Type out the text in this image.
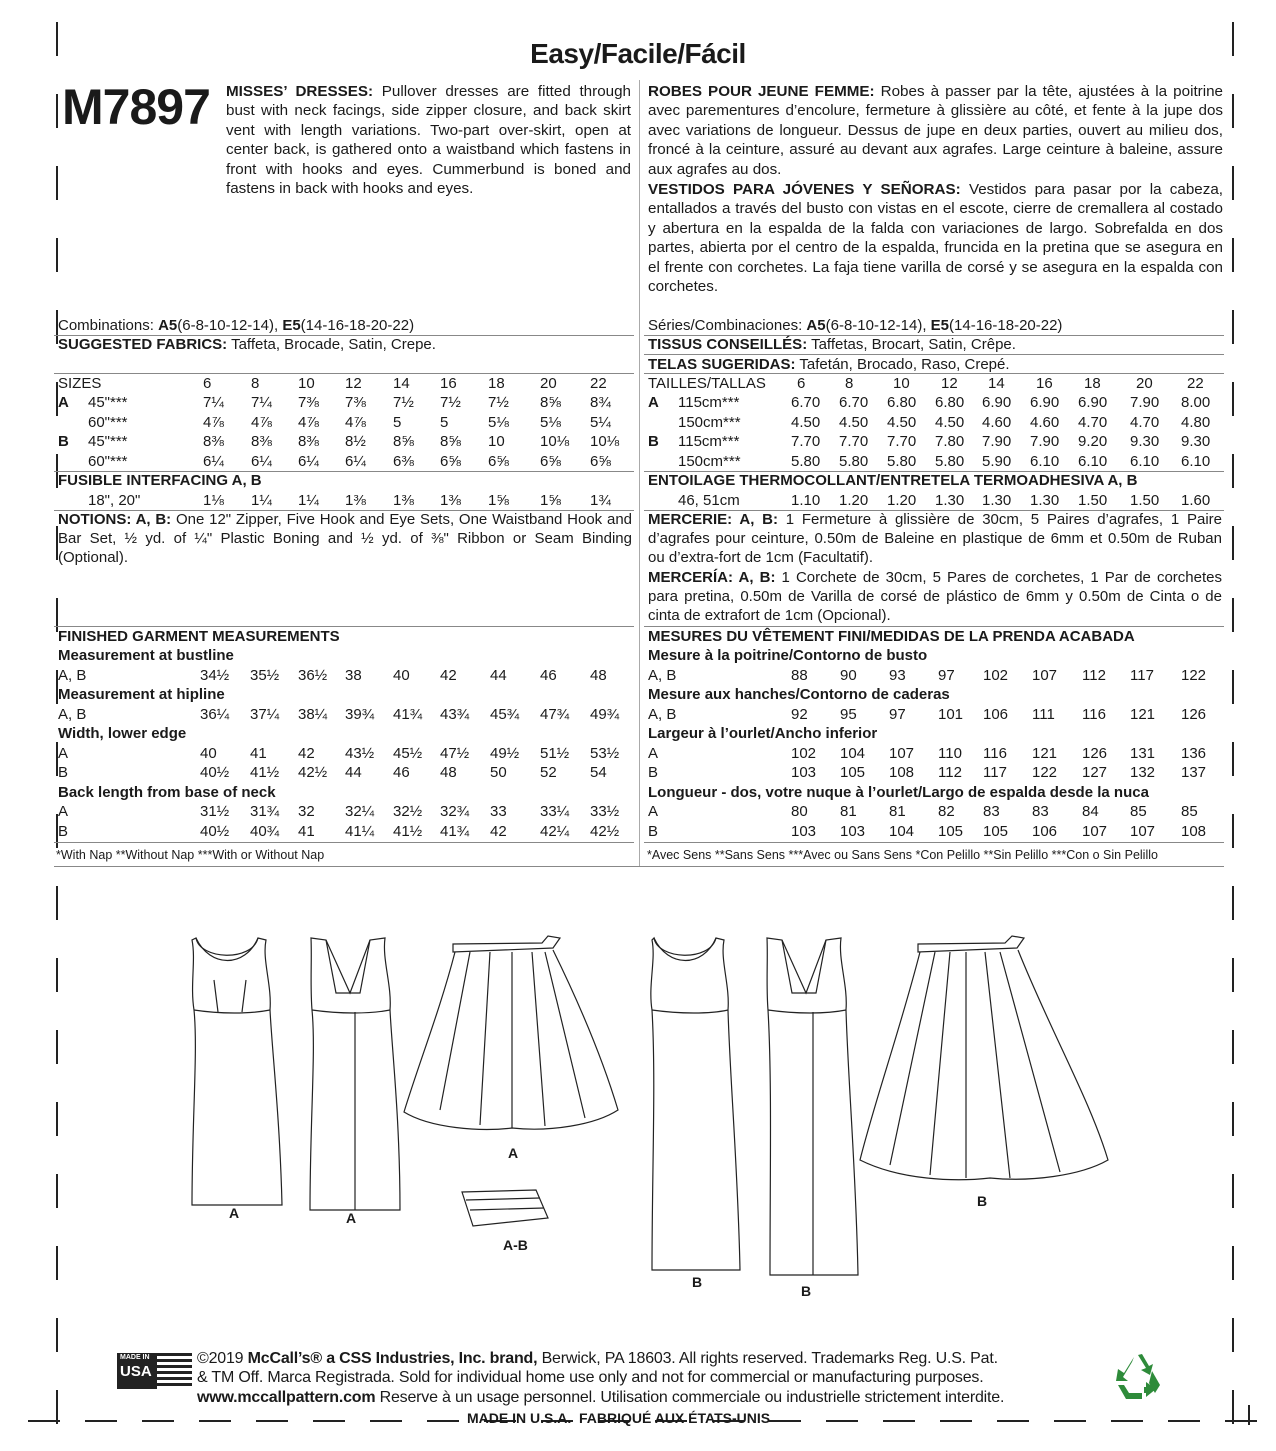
Easy/Facile/Fácil
M7897 MISSES’ DRESSES: Pullover dresses are fitted through bust with neck facings, side zipper closure, and back skirt vent with length variations. Two-part over-skirt, open at center back, is gathered onto a waistband which fastens in front with hooks and eyes. Cummerbund is boned and fastens in back with hooks and eyes.
ROBES POUR JEUNE FEMME: Robes à passer par la tête, ajustées à la poitrine avec parementures d’encolure, fermeture à glissière au côté, et fente à la jupe dos avec variations de longueur. Dessus de jupe en deux parties, ouvert au milieu dos, froncé à la ceinture, assuré au devant aux agrafes. Large ceinture à baleine, assure aux agrafes au dos.
VESTIDOS PARA JÓVENES Y SEÑORAS: Vestidos para pasar por la cabeza, entallados a través del busto con vistas en el escote, cierre de cremallera al costado y abertura en la espalda de la falda con variaciones de largo. Sobrefalda en dos partes, abierta por el centro de la espalda, fruncida en la pretina que se asegura en el frente con corchetes. La faja tiene varilla de corsé y se asegura en la espalda con corchetes.
Combinations: A5(6-8-10-12-14), E5(14-16-18-20-22)
SUGGESTED FABRICS: Taffeta, Brocade, Satin, Crepe.
SIZES	6	8	10 12 14 16 18 20 22
A 45"***	7¼ 7¼ 7⅜ 7⅜ 7½ 7½ 7½ 8⅝ 8¾
60"***	4⅞ 4⅞ 4⅞ 4⅞ 5	5	5⅛ 5⅛ 5¼
B 45"***	8⅜ 8⅜ 8⅜ 8½ 8⅝ 8⅝ 10 10⅛ 10⅛
60"***	6¼ 6¼ 6¼ 6¼ 6⅜ 6⅝ 6⅝ 6⅝ 6⅝
FUSIBLE INTERFACING A, B
18", 20"	1⅛ 1¼ 1¼ 1⅜ 1⅜ 1⅜ 1⅝ 1⅝ 1¾
NOTIONS: A, B: One 12" Zipper, Five Hook and Eye Sets, One Waistband Hook and Bar Set, ½ yd. of ¼" Plastic Boning and ½ yd. of ⅜" Ribbon or Seam Binding (Optional).
FINISHED GARMENT MEASUREMENTS
Measurement at bustline
A, B	34½ 35½ 36½ 38 40 42 44 46 48
Measurement at hipline
A, B	36¼ 37¼ 38¼ 39¾ 41¾ 43¾ 45¾ 47¾ 49¾
Width, lower edge
A	40 41 42 43½ 45½ 47½ 49½ 51½ 53½
B	40½ 41½ 42½ 44 46 48 50 52 54
Back length from base of neck
A	31½ 31¾ 32 32¼ 32½ 32¾ 33 33¼ 33½
B	40½ 40¾ 41 41¼ 41½ 41¾ 42 42¼ 42½
*With Nap **Without Nap ***With or Without Nap
Séries/Combinaciones: A5(6-8-10-12-14), E5(14-16-18-20-22)
TISSUS CONSEILLÉS: Taffetas, Brocart, Satin, Crêpe.
TELAS SUGERIDAS: Tafetán, Brocado, Raso, Crepé.
TAILLES/TALLAS 6	8	10 12 14 16 18 20 22
A 115cm***	6.70 6.70 6.80 6.80 6.90 6.90 6.90 7.90 8.00
150cm***	4.50 4.50 4.50 4.50 4.60 4.60 4.70 4.70 4.80
B 115cm***	7.70 7.70 7.70 7.80 7.90 7.90 9.20 9.30 9.30
150cm***	5.80 5.80 5.80 5.80 5.90 6.10 6.10 6.10 6.10
ENTOILAGE THERMOCOLLANT/ENTRETELA TERMOADHESIVA A, B
46, 51cm	1.10 1.20 1.20 1.30 1.30 1.30 1.50 1.50 1.60
MERCERIE: A, B: 1 Fermeture à glissière de 30cm, 5 Paires d’agrafes, 1 Paire d’agrafes pour ceinture, 0.50m de Baleine en plastique de 6mm et 0.50m de Ruban ou d’extra-fort de 1cm (Facultatif).
MERCERÍA: A, B: 1 Corchete de 30cm, 5 Pares de corchetes, 1 Par de corchetes para pretina, 0.50m de Varilla de corsé de plástico de 6mm y 0.50m de Cinta o de cinta de extrafort de 1cm (Opcional).
MESURES DU VÊTEMENT FINI/MEDIDAS DE LA PRENDA ACABADA
Mesure à la poitrine/Contorno de busto
A, B	88 90 93 97 102 107 112 117 122
Mesure aux hanches/Contorno de caderas
A, B	92 95 97 101 106 111 116 121 126
Largeur à l’ourlet/Ancho inferior
A	102 104 107 110 116 121 126 131 136
B	103 105 108 112 117 122 127 132 137
Longueur - dos, votre nuque à l’ourlet/Largo de espalda desde la nuca
A	80 81 81 82 83 83 84 85 85
B	103 103 104 105 105 106 107 107 108
*Avec Sens **Sans Sens ***Avec ou Sans Sens *Con Pelillo **Sin Pelillo ***Con o Sin Pelillo
A	A
A
A-B
B
B
B
MADE IN
USA
©2019 McCall’s® a CSS Industries, Inc. brand, Berwick, PA 18603. All rights reserved. Trademarks Reg. U.S. Pat.
& TM Off. Marca Registrada. Sold for individual home use only and not for commercial or manufacturing purposes.
www.mccallpattern.com Reserve à un usage personnel. Utilisation commerciale ou industrielle strictement interdite.
MADE IN U.S.A.  FABRIQUÉ AUX ÉTATS-UNIS
